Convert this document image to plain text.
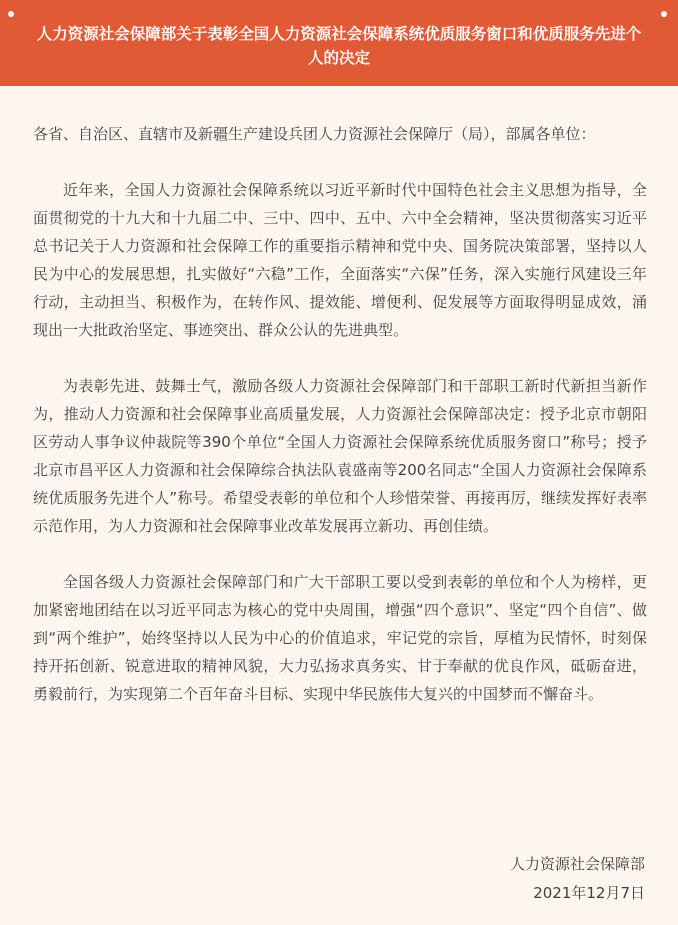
人力资源社会保障部关于表彰全国人力资源社会保障系统优质服务窗口和优质服务先进个人的决定

各省、自治区、直辖市及新疆生产建设兵团人力资源社会保障厅（局），部属各单位：

近年来，全国人力资源社会保障系统以习近平新时代中国特色社会主义思想为指导，全面贯彻党的十九大和十九届二中、三中、四中、五中、六中全会精神，坚决贯彻落实习近平总书记关于人力资源和社会保障工作的重要指示精神和党中央、国务院决策部署，坚持以人民为中心的发展思想，扎实做好“六稳”工作，全面落实“六保”任务，深入实施行风建设三年行动，主动担当、积极作为，在转作风、提效能、增便利、促发展等方面取得明显成效，涌现出一大批政治坚定、事迹突出、群众公认的先进典型。

为表彰先进、鼓舞士气，激励各级人力资源社会保障部门和干部职工新时代新担当新作为，推动人力资源和社会保障事业高质量发展，人力资源社会保障部决定：授予北京市朝阳区劳动人事争议仲裁院等390个单位“全国人力资源社会保障系统优质服务窗口”称号；授予北京市昌平区人力资源和社会保障综合执法队袁盛南等200名同志“全国人力资源社会保障系统优质服务先进个人”称号。希望受表彰的单位和个人珍惜荣誉、再接再厉，继续发挥好表率示范作用，为人力资源和社会保障事业改革发展再立新功、再创佳绩。

全国各级人力资源社会保障部门和广大干部职工要以受到表彰的单位和个人为榜样，更加紧密地团结在以习近平同志为核心的党中央周围，增强“四个意识”、坚定“四个自信”、做到“两个维护”，始终坚持以人民为中心的价值追求，牢记党的宗旨，厚植为民情怀，时刻保持开拓创新、锐意进取的精神风貌，大力弘扬求真务实、甘于奉献的优良作风，砥砺奋进，勇毅前行，为实现第二个百年奋斗目标、实现中华民族伟大复兴的中国梦而不懈奋斗。

人力资源社会保障部
2021年12月7日
